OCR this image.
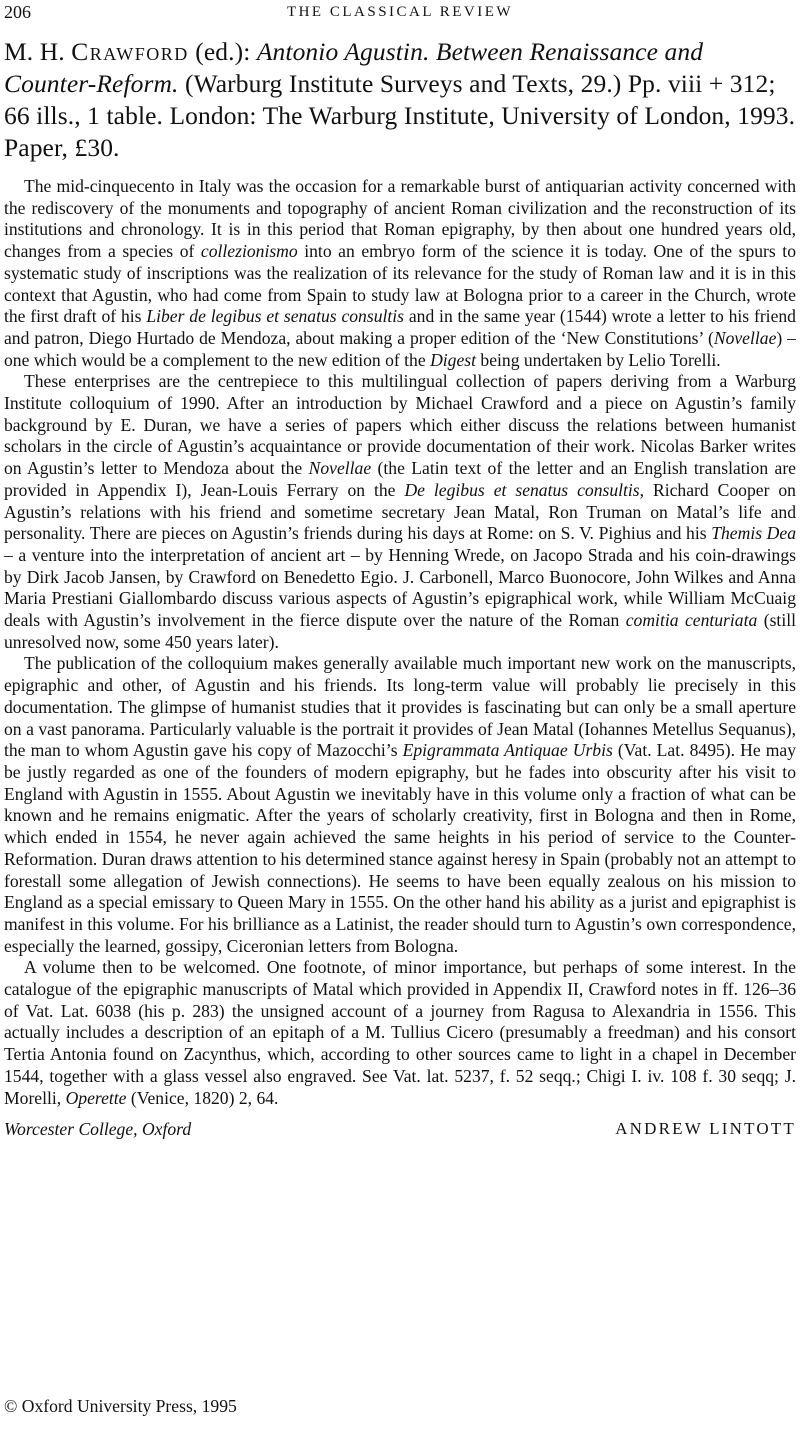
206	THE CLASSICAL REVIEW
M. H. Crawford (ed.): Antonio Agustin. Between Renaissance and Counter-Reform. (Warburg Institute Surveys and Texts, 29.) Pp. viii + 312; 66 ills., 1 table. London: The Warburg Institute, University of London, 1993. Paper, £30.

The mid-cinquecento in Italy was the occasion for a remarkable burst of antiquarian activity concerned with the rediscovery of the monuments and topography of ancient Roman civilization and the reconstruction of its institutions and chronology. It is in this period that Roman epigraphy, by then about one hundred years old, changes from a species of collezionismo into an embryo form of the science it is today. One of the spurs to systematic study of inscriptions was the realization of its relevance for the study of Roman law and it is in this context that Agustin, who had come from Spain to study law at Bologna prior to a career in the Church, wrote the first draft of his Liber de legibus et senatus consultis and in the same year (1544) wrote a letter to his friend and patron, Diego Hurtado de Mendoza, about making a proper edition of the ‘New Constitutions’ (Novellae) – one which would be a complement to the new edition of the Digest being undertaken by Lelio Torelli.

These enterprises are the centrepiece to this multilingual collection of papers deriving from a Warburg Institute colloquium of 1990. After an introduction by Michael Crawford and a piece on Agustin’s family background by E. Duran, we have a series of papers which either discuss the relations between humanist scholars in the circle of Agustin’s acquaintance or provide documentation of their work. Nicolas Barker writes on Agustin’s letter to Mendoza about the Novellae (the Latin text of the letter and an English translation are provided in Appendix I), Jean-Louis Ferrary on the De legibus et senatus consultis, Richard Cooper on Agustin’s relations with his friend and sometime secretary Jean Matal, Ron Truman on Matal’s life and personality. There are pieces on Agustin’s friends during his days at Rome: on S. V. Pighius and his Themis Dea – a venture into the interpretation of ancient art – by Henning Wrede, on Jacopo Strada and his coin-drawings by Dirk Jacob Jansen, by Crawford on Benedetto Egio. J. Carbonell, Marco Buonocore, John Wilkes and Anna Maria Prestiani Giallombardo discuss various aspects of Agustin’s epigraphical work, while William McCuaig deals with Agustin’s involvement in the fierce dispute over the nature of the Roman comitia centuriata (still unresolved now, some 450 years later).

The publication of the colloquium makes generally available much important new work on the manuscripts, epigraphic and other, of Agustin and his friends. Its long-term value will probably lie precisely in this documentation. The glimpse of humanist studies that it provides is fascinating but can only be a small aperture on a vast panorama. Particularly valuable is the portrait it provides of Jean Matal (Iohannes Metellus Sequanus), the man to whom Agustin gave his copy of Mazocchi’s Epigrammata Antiquae Urbis (Vat. Lat. 8495). He may be justly regarded as one of the founders of modern epigraphy, but he fades into obscurity after his visit to England with Agustin in 1555. About Agustin we inevitably have in this volume only a fraction of what can be known and he remains enigmatic. After the years of scholarly creativity, first in Bologna and then in Rome, which ended in 1554, he never again achieved the same heights in his period of service to the Counter-Reformation. Duran draws attention to his determined stance against heresy in Spain (probably not an attempt to forestall some allegation of Jewish connections). He seems to have been equally zealous on his mission to England as a special emissary to Queen Mary in 1555. On the other hand his ability as a jurist and epigraphist is manifest in this volume. For his brilliance as a Latinist, the reader should turn to Agustin’s own correspondence, especially the learned, gossipy, Ciceronian letters from Bologna.

A volume then to be welcomed. One footnote, of minor importance, but perhaps of some interest. In the catalogue of the epigraphic manuscripts of Matal which provided in Appendix II, Crawford notes in ff. 126–36 of Vat. Lat. 6038 (his p. 283) the unsigned account of a journey from Ragusa to Alexandria in 1556. This actually includes a description of an epitaph of a M. Tullius Cicero (presumably a freedman) and his consort Tertia Antonia found on Zacynthus, which, according to other sources came to light in a chapel in December 1544, together with a glass vessel also engraved. See Vat. lat. 5237, f. 52 seqq.; Chigi I. iv. 108 f. 30 seqq; J. Morelli, Operette (Venice, 1820) 2, 64.

Worcester College, Oxford	ANDREW LINTOTT
© Oxford University Press, 1995
